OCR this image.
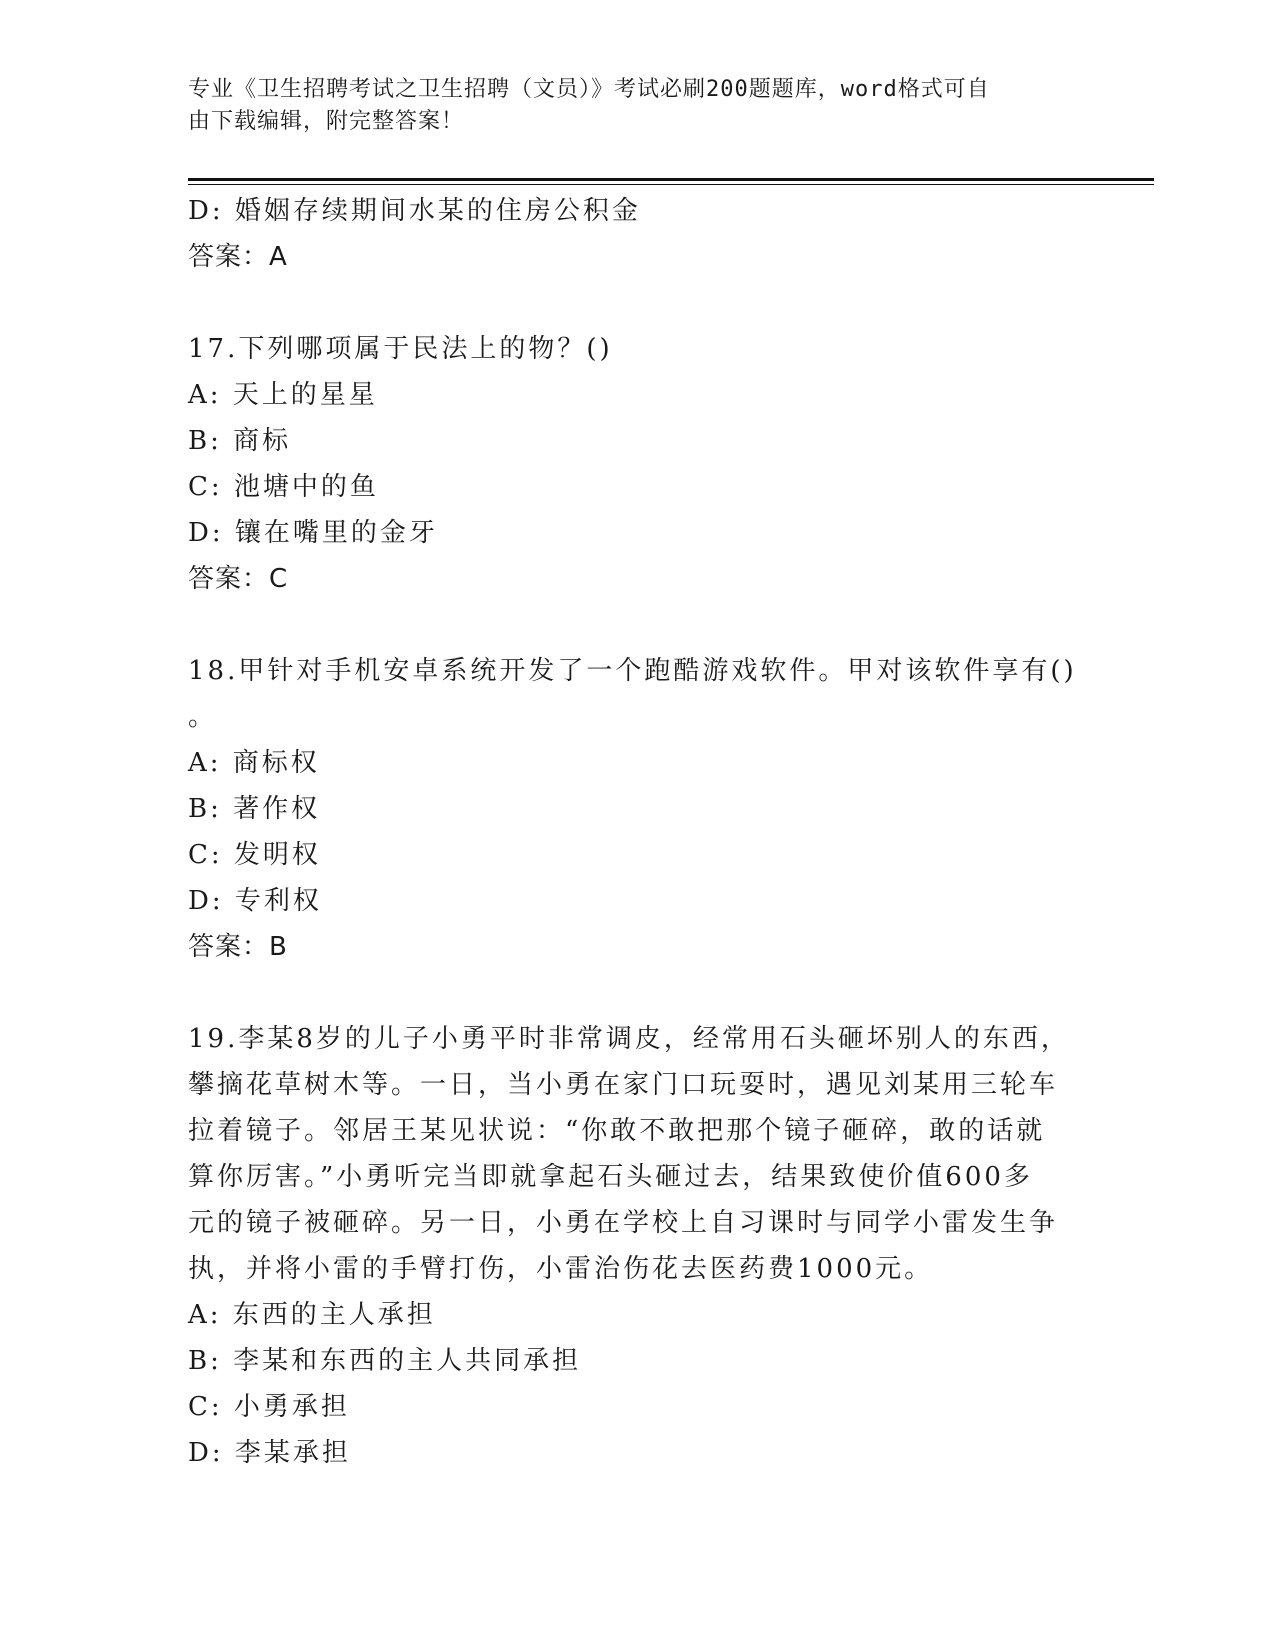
专业《卫生招聘考试之卫生招聘（文员）》考试必刷200题题库，word格式可自
由下载编辑，附完整答案！
D: 婚姻存续期间水某的住房公积金
答案：A
17.下列哪项属于民法上的物？()
A: 天上的星星
B: 商标
C: 池塘中的鱼
D: 镶在嘴里的金牙
答案：C
18.甲针对手机安卓系统开发了一个跑酷游戏软件。甲对该软件享有()
。
A: 商标权
B: 著作权
C: 发明权
D: 专利权
答案：B
19.李某8岁的儿子小勇平时非常调皮，经常用石头砸坏别人的东西，
攀摘花草树木等。一日，当小勇在家门口玩耍时，遇见刘某用三轮车
拉着镜子。邻居王某见状说：“你敢不敢把那个镜子砸碎，敢的话就
算你厉害。”小勇听完当即就拿起石头砸过去，结果致使价值600多
元的镜子被砸碎。另一日，小勇在学校上自习课时与同学小雷发生争
执，并将小雷的手臂打伤，小雷治伤花去医药费1000元。
A: 东西的主人承担
B: 李某和东西的主人共同承担
C: 小勇承担
D: 李某承担
